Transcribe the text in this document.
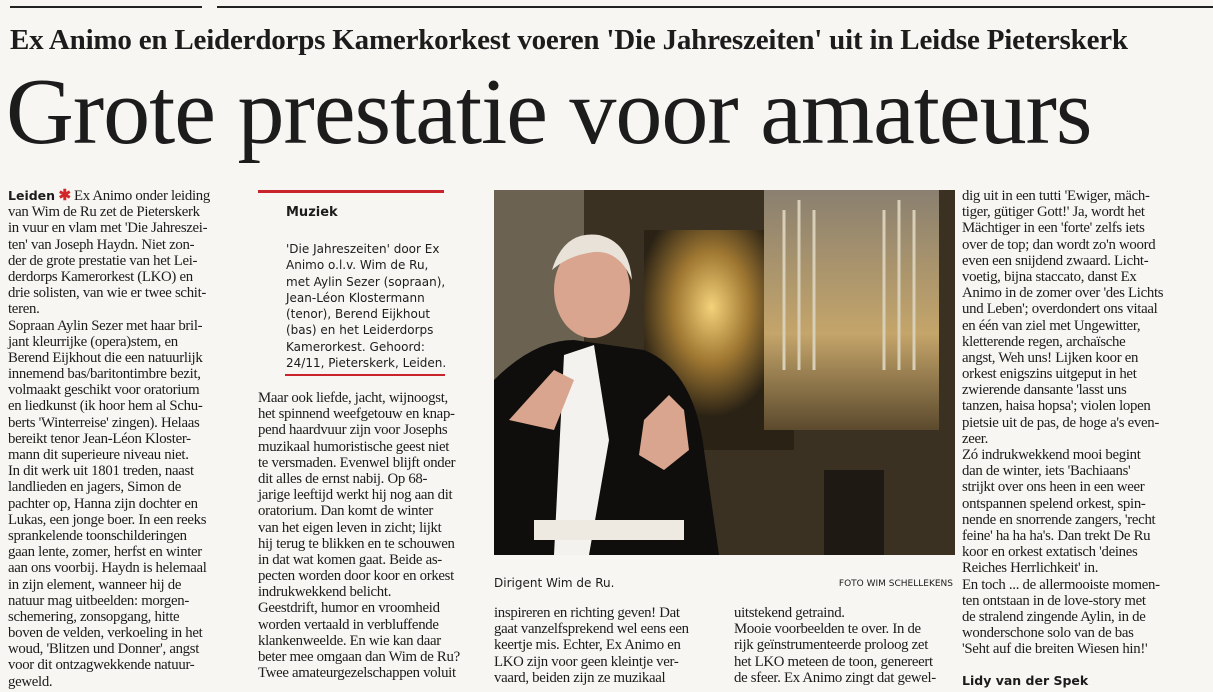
Ex Animo en Leiderdorps Kamerkorkest voeren 'Die Jahreszeiten' uit in Leidse Pieterskerk
Grote prestatie voor amateurs
Leiden ✱ Ex Animo onder leiding
van Wim de Ru zet de Pieterskerk
in vuur en vlam met 'Die Jahreszei-
ten' van Joseph Haydn. Niet zon-
der de grote prestatie van het Lei-
derdorps Kamerorkest (LKO) en
drie solisten, van wie er twee schit-
teren.
Sopraan Aylin Sezer met haar bril-
jant kleurrijke (opera)stem, en
Berend Eijkhout die een natuurlijk
innemend bas/baritontimbre bezit,
volmaakt geschikt voor oratorium
en liedkunst (ik hoor hem al Schu-
berts 'Winterreise' zingen). Helaas
bereikt tenor Jean-Léon Kloster-
mann dit superieure niveau niet.
In dit werk uit 1801 treden, naast
landlieden en jagers, Simon de
pachter op, Hanna zijn dochter en
Lukas, een jonge boer. In een reeks
sprankelende toonschilderingen
gaan lente, zomer, herfst en winter
aan ons voorbij. Haydn is helemaal
in zijn element, wanneer hij de
natuur mag uitbeelden: morgen-
schemering, zonsopgang, hitte
boven de velden, verkoeling in het
woud, 'Blitzen und Donner', angst
voor dit ontzagwekkende natuur-
geweld.
Muziek
'Die Jahreszeiten' door Ex
Animo o.l.v. Wim de Ru,
met Aylin Sezer (sopraan),
Jean-Léon Klostermann
(tenor), Berend Eijkhout
(bas) en het Leiderdorps
Kamerorkest. Gehoord:
24/11, Pieterskerk, Leiden.
Maar ook liefde, jacht, wijnoogst,
het spinnend weefgetouw en knap-
pend haardvuur zijn voor Josephs
muzikaal humoristische geest niet
te versmaden. Evenwel blijft onder
dit alles de ernst nabij. Op 68-
jarige leeftijd werkt hij nog aan dit
oratorium. Dan komt de winter
van het eigen leven in zicht; lijkt
hij terug te blikken en te schouwen
in dat wat komen gaat. Beide as-
pecten worden door koor en orkest
indrukwekkend belicht.
Geestdrift, humor en vroomheid
worden vertaald in verbluffende
klankenweelde. En wie kan daar
beter mee omgaan dan Wim de Ru?
Twee amateurgezelschappen voluit
Dirigent Wim de Ru.	FOTO WIM SCHELLEKENS
inspireren en richting geven! Dat
gaat vanzelfsprekend wel eens een
keertje mis. Echter, Ex Animo en
LKO zijn voor geen kleintje ver-
vaard, beiden zijn ze muzikaal
uitstekend getraind.
Mooie voorbeelden te over. In de
rijk geïnstrumenteerde proloog zet
het LKO meteen de toon, genereert
de sfeer. Ex Animo zingt dat gewel-
dig uit in een tutti 'Ewiger, mäch-
tiger, gütiger Gott!' Ja, wordt het
Mächtiger in een 'forte' zelfs iets
over de top; dan wordt zo'n woord
even een snijdend zwaard. Licht-
voetig, bijna staccato, danst Ex
Animo in de zomer over 'des Lichts
und Leben'; overdondert ons vitaal
en één van ziel met Ungewitter,
kletterende regen, archaïsche
angst, Weh uns! Lijken koor en
orkest enigszins uitgeput in het
zwierende dansante 'lasst uns
tanzen, haisa hopsa'; violen lopen
pietsie uit de pas, de hoge a's even-
zeer.
Zó indrukwekkend mooi begint
dan de winter, iets 'Bachiaans'
strijkt over ons heen in een weer
ontspannen spelend orkest, spin-
nende en snorrende zangers, 'recht
feine' ha ha ha's. Dan trekt De Ru
koor en orkest extatisch 'deines
Reiches Herrlichkeit' in.
En toch ... de allermooiste momen-
ten ontstaan in de love-story met
de stralend zingende Aylin, in de
wonderschone solo van de bas
'Seht auf die breiten Wiesen hin!'
Lidy van der Spek
